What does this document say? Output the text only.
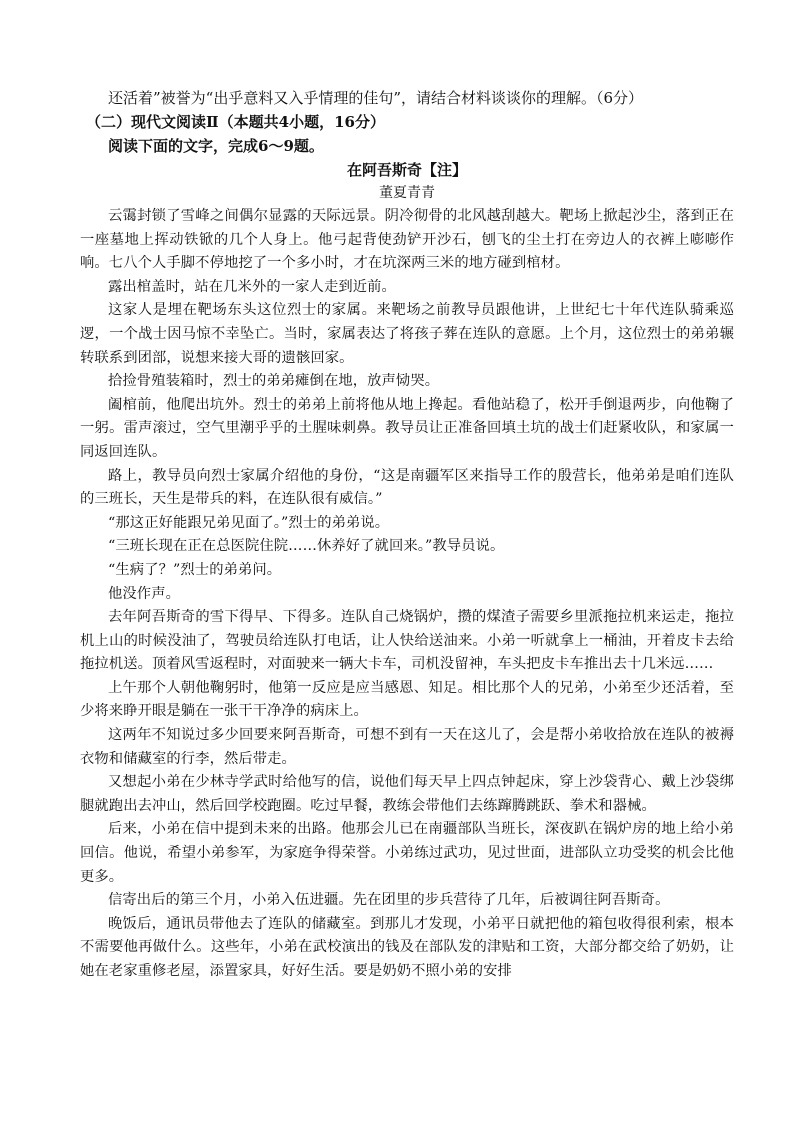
还活着”被誉为“出乎意料又入乎情理的佳句”，请结合材料谈谈你的理解。（6分）

（二）现代文阅读Ⅱ（本题共4小题，16分）

阅读下面的文字，完成6～9题。

在阿吾斯奇【注】
董夏青青

云霭封锁了雪峰之间偶尔显露的天际远景。阴冷彻骨的北风越刮越大。靶场上掀起沙尘，落到正在一座墓地上挥动铁锨的几个人身上。他弓起背使劲铲开沙石，刨飞的尘土打在旁边人的衣裤上嘭嘭作响。七八个人手脚不停地挖了一个多小时，才在坑深两三米的地方碰到棺材。

露出棺盖时，站在几米外的一家人走到近前。

这家人是埋在靶场东头这位烈士的家属。来靶场之前教导员跟他讲，上世纪七十年代连队骑乘巡逻，一个战士因马惊不幸坠亡。当时，家属表达了将孩子葬在连队的意愿。上个月，这位烈士的弟弟辗转联系到团部，说想来接大哥的遗骸回家。

拾捡骨殖装箱时，烈士的弟弟瘫倒在地，放声恸哭。

阖棺前，他爬出坑外。烈士的弟弟上前将他从地上搀起。看他站稳了，松开手倒退两步，向他鞠了一躬。雷声滚过，空气里潮乎乎的土腥味刺鼻。教导员让正准备回填土坑的战士们赶紧收队，和家属一同返回连队。

路上，教导员向烈士家属介绍他的身份，“这是南疆军区来指导工作的殷营长，他弟弟是咱们连队的三班长，天生是带兵的料，在连队很有威信。”

“那这正好能跟兄弟见面了。”烈士的弟弟说。

“三班长现在正在总医院住院……休养好了就回来。”教导员说。

“生病了？”烈士的弟弟问。

他没作声。

去年阿吾斯奇的雪下得早、下得多。连队自己烧锅炉，攒的煤渣子需要乡里派拖拉机来运走，拖拉机上山的时候没油了，驾驶员给连队打电话，让人快给送油来。小弟一听就拿上一桶油，开着皮卡去给拖拉机送。顶着风雪返程时，对面驶来一辆大卡车，司机没留神，车头把皮卡车推出去十几米远……

上午那个人朝他鞠躬时，他第一反应是应当感恩、知足。相比那个人的兄弟，小弟至少还活着，至少将来睁开眼是躺在一张干干净净的病床上。

这两年不知说过多少回要来阿吾斯奇，可想不到有一天在这儿了，会是帮小弟收拾放在连队的被褥衣物和储藏室的行李，然后带走。

又想起小弟在少林寺学武时给他写的信，说他们每天早上四点钟起床，穿上沙袋背心、戴上沙袋绑腿就跑出去冲山，然后回学校跑圈。吃过早餐，教练会带他们去练蹿腾跳跃、拳术和器械。

后来，小弟在信中提到未来的出路。他那会儿已在南疆部队当班长，深夜趴在锅炉房的地上给小弟回信。他说，希望小弟参军，为家庭争得荣誉。小弟练过武功，见过世面，进部队立功受奖的机会比他更多。

信寄出后的第三个月，小弟入伍进疆。先在团里的步兵营待了几年，后被调往阿吾斯奇。

晚饭后，通讯员带他去了连队的储藏室。到那儿才发现，小弟平日就把他的箱包收得很利索，根本不需要他再做什么。这些年，小弟在武校演出的钱及在部队发的津贴和工资，大部分都交给了奶奶，让她在老家重修老屋，添置家具，好好生活。要是奶奶不照小弟的安排
